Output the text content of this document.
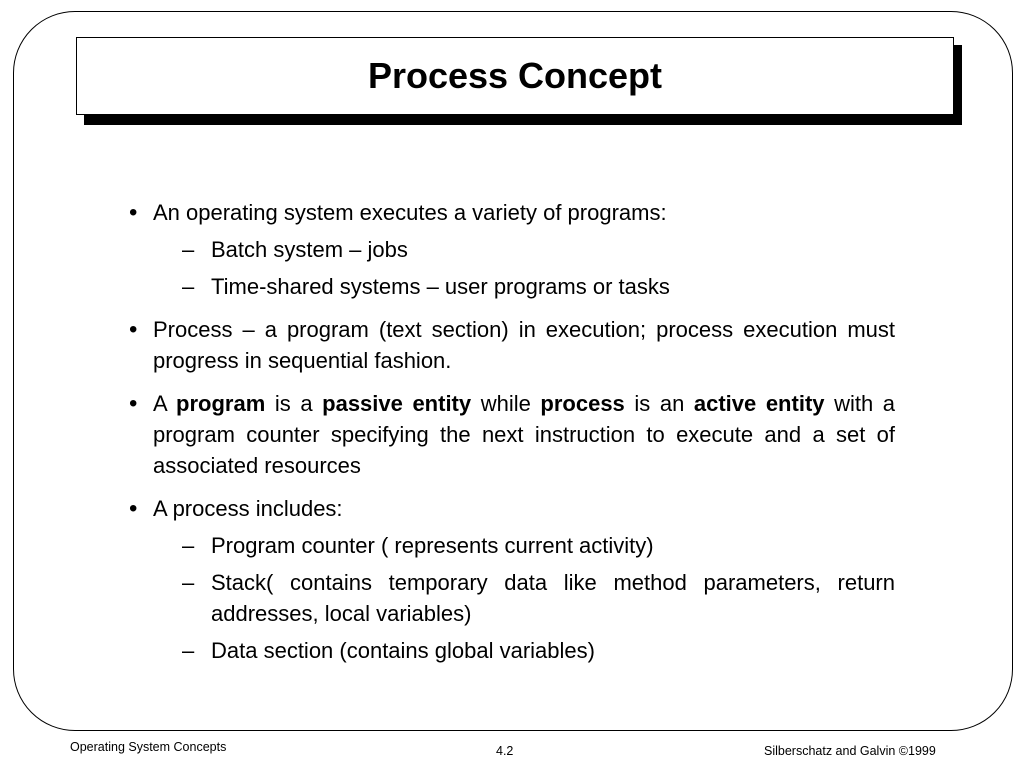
Process Concept
• An operating system executes a variety of programs:
– Batch system – jobs
– Time-shared systems – user programs or tasks
• Process – a program (text section) in execution; process execution must progress in sequential fashion.
• A program is a passive entity while process is an active entity with a program counter specifying the next instruction to execute and a set of associated resources
• A process includes:
– Program counter ( represents current activity)
– Stack( contains temporary data like method parameters, return addresses, local variables)
– Data section (contains global variables)
Operating System Concepts	4.2	Silberschatz and Galvin ©1999
